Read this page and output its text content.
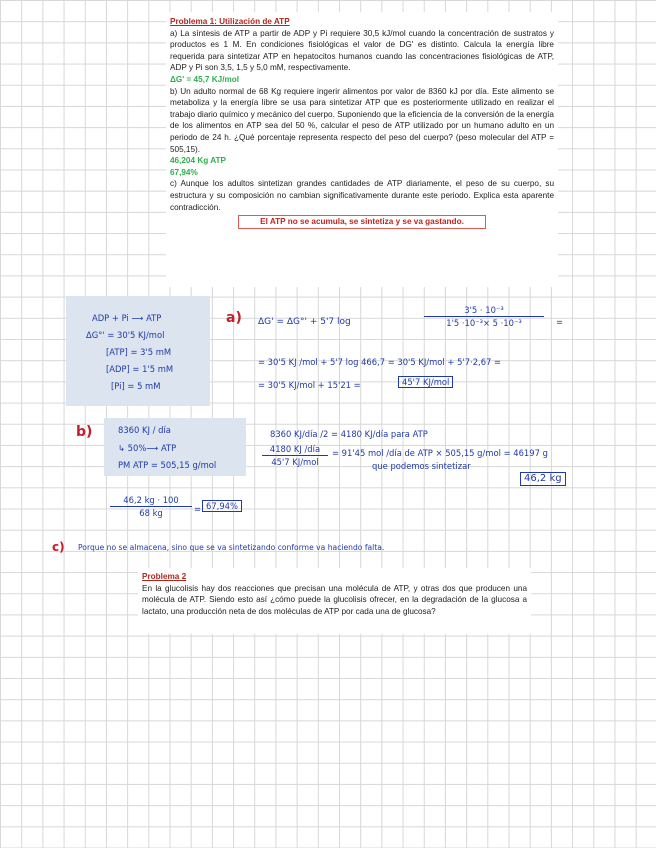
Problema 1: Utilización de ATP

a) La síntesis de ATP a partir de ADP y Pi requiere 30,5 kJ/mol cuando la concentración de sustratos y productos es 1 M. En condiciones fisiológicas el valor de DG' es distinto. Calcula la energía libre requerida para sintetizar ATP en hepatocitos humanos cuando las concentraciones fisiológicas de ATP, ADP y Pi son 3,5, 1,5 y 5,0 mM, respectivamente.

ΔG' = 45,7 KJ/mol

b) Un adulto normal de 68 Kg requiere ingerir alimentos por valor de 8360 kJ por día. Este alimento se metaboliza y la energía libre se usa para sintetizar ATP que es posteriormente utilizado en realizar el trabajo diario químico y mecánico del cuerpo. Suponiendo que la eficiencia de la conversión de la energía de los alimentos en ATP sea del 50 %, calcular el peso de ATP utilizado por un humano adulto en un periodo de 24 h. ¿Qué porcentaje representa respecto del peso del cuerpo? (peso molecular del ATP = 505,15).

46,204 Kg ATP

67,94%

c) Aunque los adultos sintetizan grandes cantidades de ATP diariamente, el peso de su cuerpo, su estructura y su composición no cambian significativamente durante este periodo. Explica esta aparente contradicción.

El ATP no se acumula, se sintetiza y se va gastando.
ADP + Pi ⟶ ATP
ΔG°' = 30'5 KJ/mol
[ATP] = 3'5 mM
[ADP] = 1'5 mM
[Pi] = 5 mM
a) ΔG' = ΔG°' + 5'7 log
3'5 · 10⁻³
1'5 ·10⁻³× 5 ·10⁻³	=
= 30'5 KJ /mol + 5'7 log 466,7 = 30'5 KJ/mol + 5'7·2,67 =
= 30'5 KJ/mol + 15'21 =	45'7 KJ/mol
b)	8360 KJ / día
↳ 50%⟶ ATP
PM ATP = 505,15 g/mol
8360 KJ/día /2 = 4180 KJ/día para ATP
4180 KJ /día
45'7 KJ/mol
= 91'45 mol /día de ATP × 505,15 g/mol = 46197 g
que podemos sintetizar
46,2 kg
46,2 kg · 100
68 kg	= 67,94%
c) Porque no se almacena, sino que se va sintetizando conforme va haciendo falta.

Problema 2

En la glucolisis hay dos reacciones que precisan una molécula de ATP, y otras dos que producen una molécula de ATP. Siendo esto así ¿cómo puede la glucolisis ofrecer, en la degradación de la glucosa a lactato, una producción neta de dos moléculas de ATP por cada una de glucosa?
